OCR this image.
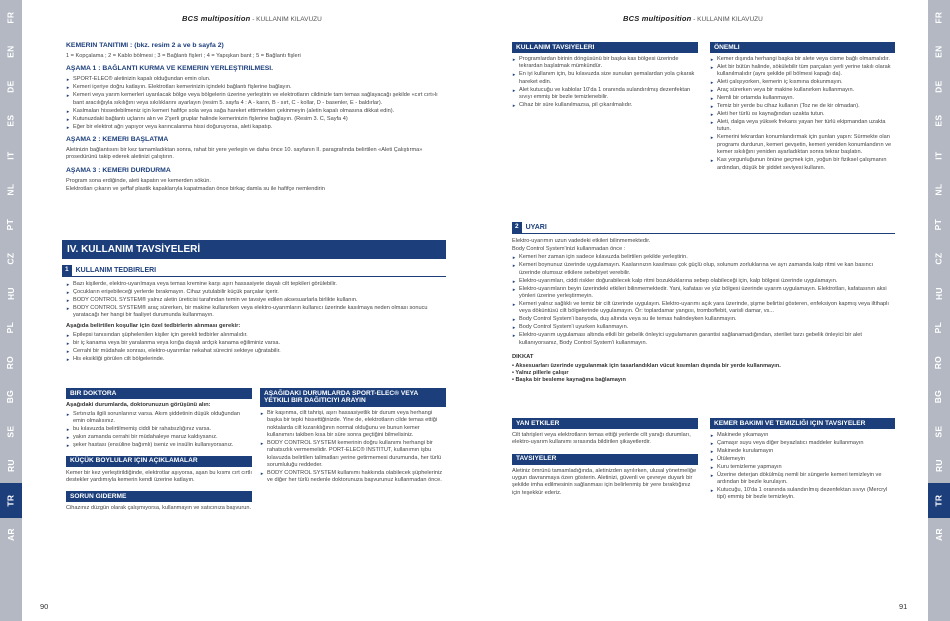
FR
EN
DE
ES
IT
NL
PT
CZ
HU
PL
RO
BG
SE
RU
TR
AR
FR
EN
DE
ES
IT
NL
PT
CZ
HU
PL
RO
BG
SE
RU
TR
AR
BCS multiposition - KULLANIM KILAVUZU	BCS multiposition - KULLANIM KILAVUZU
KEMERIN TANITIMI : (bkz. resim 2 a ve b sayfa 2)
1 = Kopçalama ; 2 = Kablo bölmesi ; 3 = Bağlantı fişleri ; 4 = Yapışkan bant ; 5 = Bağlantı fişleri
AŞAMA 1 : BAĞLANTI KURMA VE KEMERIN YERLEŞTIRILMESI.
► SPORT-ELEC® aletinizin kapalı olduğundan emin olun.
► Kemeri içeriye doğru katlayın. Elektrotları kemerinizin içindeki bağlantı fişlerine bağlayın.
► Kemeri veya yarım kemerleri uyarılacak bölge veya bölgelerin üzerine yerleştirin ve elektrotların cildinizle tam temas sağlayacağı şekilde «cırt cırt»lı bant aracılığıyla sıkılığını veya sıkılıklarını ayarlayın (resim 5. sayfa 4 : A - karın, B - sırt, C - kollar, D - basenler, E - baldırlar).
► Kaslmaları hissedebilmeniz için kemeri hafifçe sola veya sağa hareket ettirmekten çekinmeyin (aletin kapalı olmasına dikkat edin).
► Kutunuzdaki bağlantı uçlarını alın ve 2'şerli gruplar halinde kemerinizin fişlerine bağlayın. (Resim 3. C, Sayfa 4)
► Eğer bir elektrot ağrı yapıyor veya karıncalanma hissi doğuruyorsa, aleti kapatıp.
AŞAMA 2 : KEMERI BAŞLATMA
Aletinizin bağlantısını bir kez tamamladıktan sonra, rahat bir yere yerleşin ve daha önce 10. sayfanın II. paragrafında belirtilen «Aleti Çalıştırma» prosedürünü takip ederek aletinizi çalıştırın.
AŞAMA 3 : KEMERI DURDURMA
Program sona erdiğinde, aleti kapatın ve kemerden sökün.
Elektrotları çıkarın ve şeffaf plastik kapaklarıyla kapatmadan önce birkaç damla su ile hafifçe nemlendirin
IV. KULLANIM TAVSİYELERİ
1	KULLANIM TEDBIRLERI
► Bazı kişilerde, elektro-uyarılmaya veya temas kremine karşı aşırı hassasiyete dayalı cilt tepkileri görülebilir.
► Çocukların erişebileceği yerlerde bırakmayın. Cihaz yutulabilir küçük parçalar içerir.
► BODY CONTROL SYSTEM® yalnız aletin üreticisi tarafından temin ve tavsiye edilen aksesuarlarla birlikte kullanın.
► BODY CONTROL SYSTEM® araç sürerken, bir makine kullanırken veya elektro-uyarımların kullanıcı üzerinde kasılmaya neden olması sonucu yaratacağı her hangi bir faaliyet durumunda kullanmayın.
Aşağıda belirtilen koşullar için özel tedbirlerin alınması gerekir:
► Epilepsi tanısından şüphelenilen kişiler için gerekli tedbirler alınmalıdır.
► bir iç kanama veya bir yaralanma veya kırığa dayalı ardçık kanama eğiliminiz varsa.
► Cerrahi bir müdahale sonrası, elektro-uyarımlar nekahat sürecini sekteye uğratabilir.
► His eksikliği görülen cilt bölgelerinde.
BIR DOKTORA
Aşağıdaki durumlarda, doktorunuzun görüşünü alın:
► Sırtınızla ilgili sorunlarınız varsa. Akım şiddetinin düşük olduğundan emin olmalısınız.
► bu kılavuzda belirtilmemiş ciddi bir rahatsızlığınız varsa.
► yakın zamanda cerrahi bir müdahaleye maruz kaldıysanız.
► şeker hastası (ensüline bağımlı) iseniz ve insülin kullanıyorsanız.
KÜÇÜK BOYLULAR IÇIN AÇIKLAMALAR
Kemer bir kez yerleştirildiğinde, elektrotlar aşıyorsa, aşan bu kısmı cırt cırtlı destekler yardımıyla kemerin kendi üzerine katlayın.
SORUN GIDERME
Cihazınız düzgün olarak çalışmıyorsa, kullanmayın ve satıcınıza başvurun.
AŞAĞIDAKI DURUMLARDA SPORT-ELEC® VEYA YETKILI BIR DAĞITICIYI ARAYIN
► Bir kaşınma, cilt tahrişi, aşırı hassasiyetlik bir durum veya herhangi başka bir tepki hissettiğinizde. Yine de, elektrotların cilde temas ettiği noktalarda cilt kızarıklığının normal olduğunu ve bunun kemer kullanımını takiben kısa bir süre sonra geçtiğini bilmelisiniz.
► BODY CONTROL SYSTEM kemerinin doğru kullanımı herhangi bir rahatsızlık vermemelidir. PORT-ELEC® INSTITUT, kullanımın işbu kılavuzda belirtilen talimatları yerine getirmemesi durumunda, her türlü sorumluluğu reddeder.
► BODY CONTROL SYSTEM kullanımı hakkında olabilecek şüpheleriniz ve diğer her türlü nedenle doktorunuza başvurunuz kullanmadan önce.
KULLANIM TAVSIYELERI
► Programlardan birinin döngüsünü bir başka kas bölgesi üzerinde tekrardan başlatmak mümkündür.
► En iyi kullanım için, bu kılavuzda size sunulan şemalardan yola çıkarak hareket edin.
► Alet kutucuğu ve kablolar 10'da 1 oranında sulandırılmış dezenfektan sıvıyı emmiş bir bezle temizlenebilir.
► Cihaz bir süre kullanılmazsa, pil çıkarılmalıdır.
ÖNEMLI
► Kemer dışında herhangi başka bir alete veya cisme bağlı olmamalıdır.
► Alet bir bütün halinde, sökülebilir tüm parçaları yerli yerine takılı olarak kullanılmalıdır (aynı şekilde pil bölmesi kapağı da).
► Aleti çalışıyorken, kemerin iç kısmına dokunmayın.
► Araç sürerken veya bir makine kullanırken kullanmayın.
► Nemli bir ortamda kullanmayın.
► Temiz bir yerde bu cihaz kullanın (Toz ne de kir olmadan).
► Aleti her türlü ısı kaynağından uzakta tutun.
► Aleti, dalga veya yüksek frekans yayan her türlü ekipmandan uzakta tutun.
► Kemerini tekrardan konumlandırmak için şunları yapın: Sürmekte olan programı durdurun, kemeri gevşetin, kemeri yeniden konumlandırın ve kemer sıkılığını yeniden ayarladıktan sonra tekrar başlatın.
► Kas yorgunluğunun önüne geçmek için, yoğun bir fiziksel çalışmanın ardından, düşük bir şiddet seviyesi kullanın.
2	UYARI
Elektro-uyarımın uzun vadedeki etkileri bilinmemektedir.
Body Control System'inizi kullanmadan önce :
► Kemeri her zaman için sadece kılavuzda belirtilen şekilde yerleştirin.
► Kemeri boynunuz üzerinde uygulamayın. Kaslarınızın kasılması çok güçlü olup, solunum zorluklarına ve ayrı zamanda kalp ritmi ve kan basıncı üzerinde olumsuz etkilere sebebiyet verebilir.
► Elektro-uyarımları, ciddi riskler doğurabilecek kalp ritmi bozukluklarına sebep olabileceği için, kalp bölgesi üzerinde uygulamayın.
► Elektro-uyarımların beyin üzerindeki etkileri bilinmemektedir. Yani, kafatası ve yüz bölgesi üzerinde uyarım uygulamayın. Elektrotları, kafatasının aksi yönleri üzerine yerleştirmeyin.
► Kemeri yalnız sağlıklı ve temiz bir cilt üzerinde uygulayın. Elektro-uyarımı açık yara üzerinde, şişme belirtisi gösteren, enfeksiyon kapmış veya iltihaplı veya döküntüsü cilt bölgelerinde uygulamayın. Ör: toplardamar yangısı, tromboflebit, varisli damar, vs...
► Body Control System'i banyoda, duş altında veya su ile temas halindeyken kullanmayın.
► Body Control System'i uyurken kullanmayın.
► Elektro-uyarım uygulaması altında etkili bir gebelik önleyici uygulamanın garantisi sağlanamadığından, steriliet tarzı gebelik önleyici bir alet kullanıyorsanız, Body Control System'i kullanmayın.
DIKKAT
• Aksesuarları üzerinde uygulanmak için tasarlandıkları vücut kısımları dışında bir yerde kullanmayın.
• Yalnız pillerle çalışır
• Başka bir besleme kaynağına bağlamayın
YAN ETKILER
Cilt tahrişleri veya elektrotların temas ettiği yerlerde cilt yanığı durumları, elektro-uyarım kullanımı sırasında bildirilen şikayetlerdir.
TAVSIYELER
Aletiniz ömrünü tamamladığında, aletinizden ayrılırken, ulusal yönetmeliğe uygun davranmaya özen gösterin. Aletinizi, güvenli ve çevreye duyarlı bir şekilde imha edilmesinin sağlanması için belirlenmiş bir yere bıraktığınız için teşekkür ederiz.
KEMER BAKIMI VE TEMIZLIĞI IÇIN TAVSIYELER
► Makinede yıkamayın
► Çamaşır suyu veya diğer beyazlatıcı maddeler kullanmayın
► Makinede kurulamayın
► Ütülemeyin
► Kuru temizleme yapmayın
► Üzerine deterjan dökülmüş nemli bir süngerle kemeri temizleyin ve ardından bir bezle kurulayın.
► Kutucuğu, 10'da 1 oranında sulandırılmış dezenfektan sıvıyı (Mercryl tipi) emmiş bir bezle temizleyin.
90	91
